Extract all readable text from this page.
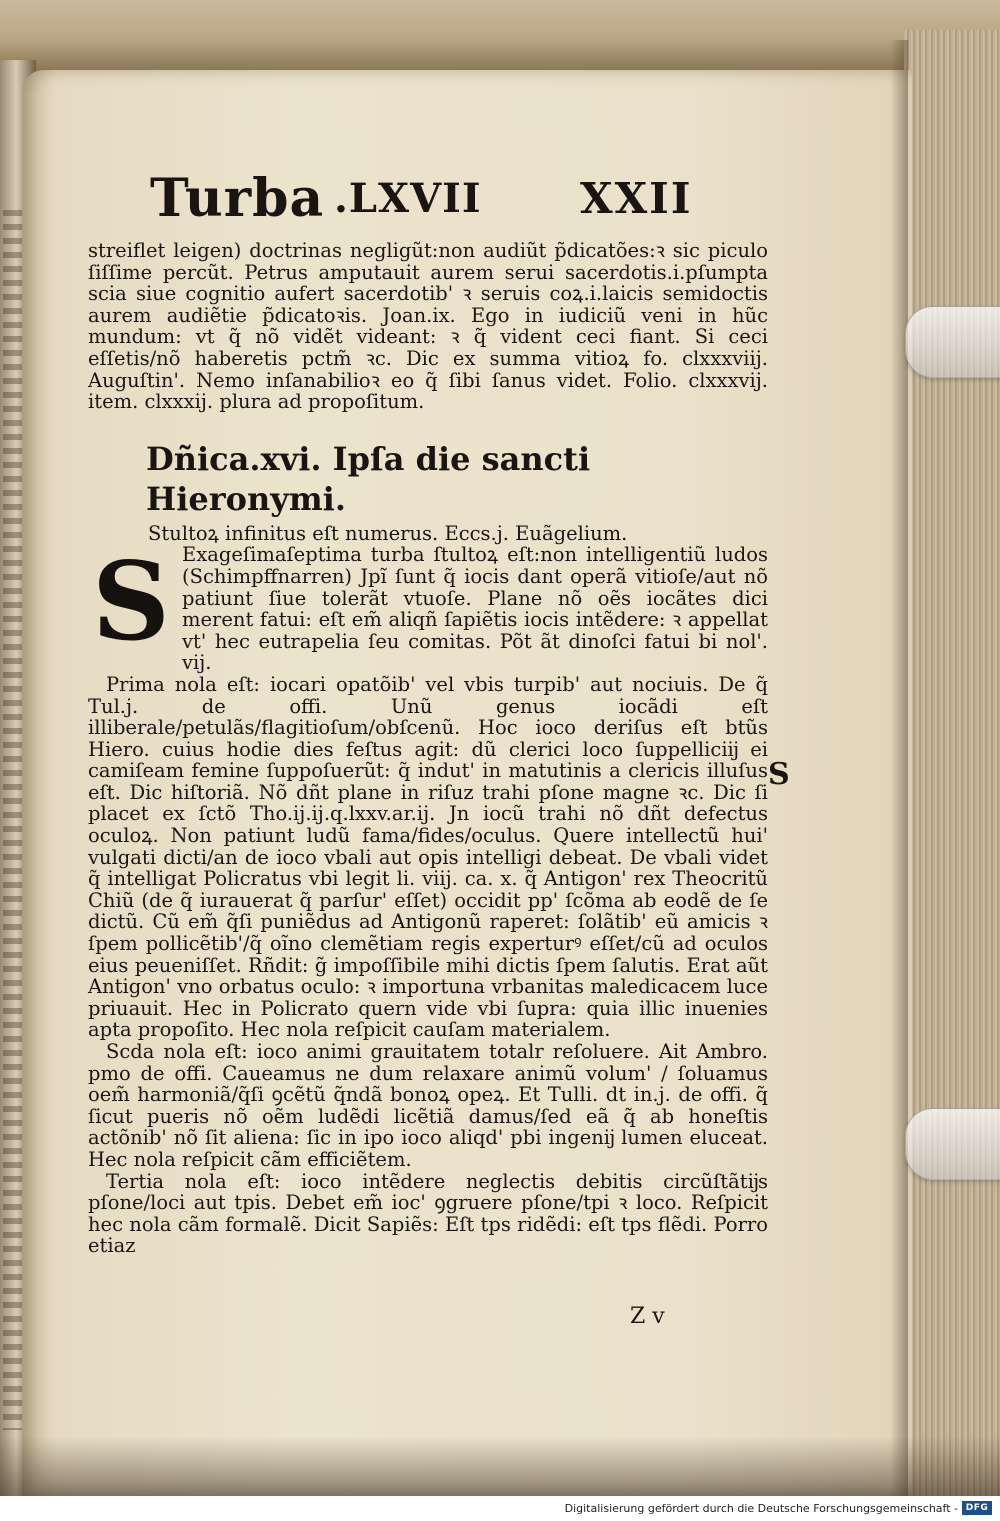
Turba .LXVII XXII

streiflet leigen) doctrinas negligũt:non audiũt p̃dicatões:ꝛ sic piculo ſiſſime percũt. Petrus amputauit aurem serui sacerdotis.i.pſumpta scia siue cognitio aufert sacerdotib' ꝛ seruis coꝝ.i.laicis semidoctis aurem audiẽtie p̃dicatoꝛis. Joan.ix. Ego in iudiciũ veni in hũc mundum: vt q̃ nõ vidẽt videant: ꝛ q̃ vident ceci fiant. Si ceci eſſetis/nõ haberetis pctm̃ ꝛc. Dic ex summa vitioꝝ fo. clxxxviij. Auguſtin'. Nemo inſanabilioꝛ eo q̃ ſibi ſanus videt. Folio. clxxxvij. item. clxxxij. plura ad propoſitum.

Dñica.xvi. Ipſa die sancti Hieronymi.
Stultoꝝ infinitus eſt numerus. Eccs.j. Euãgelium.
S Exageſimaſeptima turba ſtultoꝝ eſt:non intelligentiũ ludos (Schimpffnarren) Jpĩ ſunt q̃ iocis dant operã vitioſe/aut nõ patiunt ſiue tolerãt vtuoſe. Plane nõ oẽs iocãtes dici merent fatui: eſt em̃ aliqñ ſapiẽtis iocis intẽdere: ꝛ appellat vt' hec eutrapelia ſeu comitas. Põt ãt dinoſci fatui bi nol'. vij.

Prima nola eſt: iocari opatõib' vel vbis turpib' aut nociuis. De q̃ Tul.j. de offi. Unũ genus iocãdi eſt illiberale/petulãs/flagitioſum/obſcenũ. Hoc ioco deriſus eſt btũs Hiero. cuius hodie dies feſtus agit: dũ clerici loco ſuppelliciĳ ei camiſeam femine ſuppoſuerũt: q̃ indut' in matutinis a clericis illuſus eſt. Dic hiſtoriã. Nõ dñt plane in riſuz trahi pſone magne ꝛc. Dic ſi placet ex ſctõ Tho.ij.ij.q.lxxv.ar.ij. Jn iocũ trahi nõ dñt defectus oculoꝝ. Non patiunt ludũ fama/fides/oculus. Quere intellectũ hui' vulgati dicti/an de ioco vbali aut opis intelligi debeat. De vbali videt q̃ intelligat Policratus vbi legit li. viij. ca. x. q̃ Antigon' rex Theocritũ Chiũ (de q̃ iurauerat q̃ parſur' eſſet) occidit pp' ſcõma ab eodẽ de ſe dictũ. Cũ em̃ q̃ſi puniẽdus ad Antigonũ raperet: ſolãtib' eũ amicis ꝛ ſpem pollicẽtib'/q̃ oĩno clemẽtiam regis experturꝰ eſſet/cũ ad oculos eius peueniſſet. Rñdit: g̃ impoſſibile mihi dictis ſpem ſalutis. Erat aũt Antigon' vno orbatus oculo: ꝛ importuna vrbanitas maledicacem luce priuauit. Hec in Policrato quern vide vbi ſupra: quia illic inuenies apta propoſito. Hec nola reſpicit cauſam materialem.

Scda nola eſt: ioco animi grauitatem totalr reſoluere. Ait Ambro. pmo de offi. Caueamus ne dum relaxare animũ volum' / ſoluamus oem̃ harmoniã/q̃ſi ꝯcẽtũ q̃ndã bonoꝝ opeꝝ. Et Tulli. dt in.j. de offi. q̃ ſicut pueris nõ oẽm ludẽdi licẽtiã damus/ſed eã q̃ ab honeſtis actõnib' nõ ſit aliena: ſic in ipo ioco aliqd' pbi ingenĳ lumen eluceat. Hec nola reſpicit cãm efficiẽtem.

Tertia nola eſt: ioco intẽdere neglectis debitis circũſtãtĳs pſone/loci aut tpis. Debet em̃ ioc' ꝯgruere pſone/tpi ꝛ loco. Reſpicit hec nola cãm formalẽ. Dicit Sapiẽs: Eſt tps ridẽdi: eſt tps flẽdi. Porro etiaz

S
Z v
Digitalisierung gefördert durch die Deutsche Forschungsgemeinschaft - DFG
